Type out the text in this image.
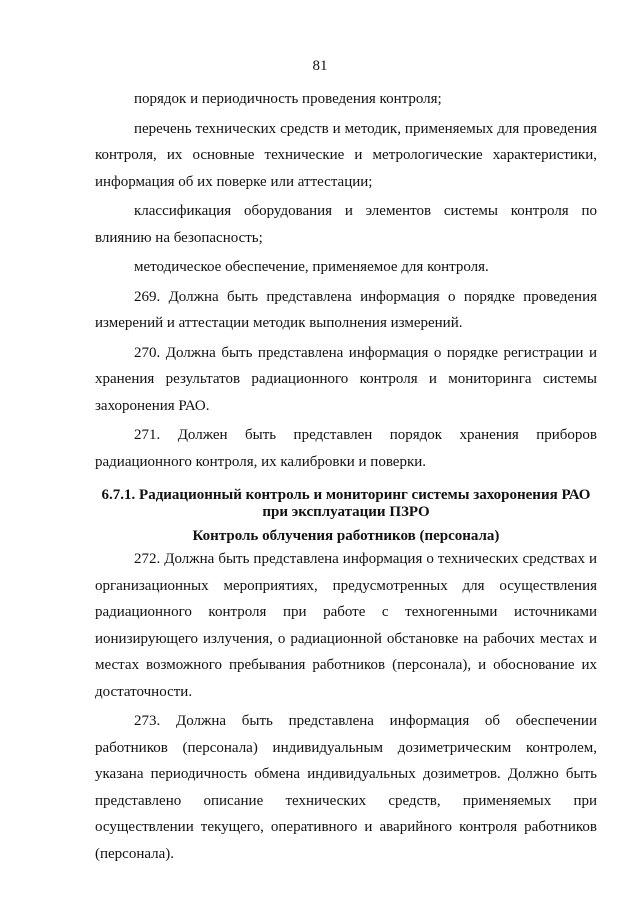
81

порядок и периодичность проведения контроля;

перечень технических средств и методик, применяемых для проведения контроля, их основные технические и метрологические характеристики, информация об их поверке или аттестации;

классификация оборудования и элементов системы контроля по влиянию на безопасность;

методическое обеспечение, применяемое для контроля.

269. Должна быть представлена информация о порядке проведения измерений и аттестации методик выполнения измерений.

270. Должна быть представлена информация о порядке регистрации и хранения результатов радиационного контроля и мониторинга системы захоронения РАО.

271. Должен быть представлен порядок хранения приборов радиационного контроля, их калибровки и поверки.

6.7.1. Радиационный контроль и мониторинг системы захоронения РАО
при эксплуатации ПЗРО
Контроль облучения работников (персонала)

272. Должна быть представлена информация о технических средствах и организационных мероприятиях, предусмотренных для осуществления радиационного контроля при работе с техногенными источниками ионизирующего излучения, о радиационной обстановке на рабочих местах и местах возможного пребывания работников (персонала), и обоснование их достаточности.

273. Должна быть представлена информация об обеспечении работников (персонала) индивидуальным дозиметрическим контролем, указана периодичность обмена индивидуальных дозиметров. Должно быть представлено описание технических средств, применяемых при осуществлении текущего, оперативного и аварийного контроля работников (персонала).
